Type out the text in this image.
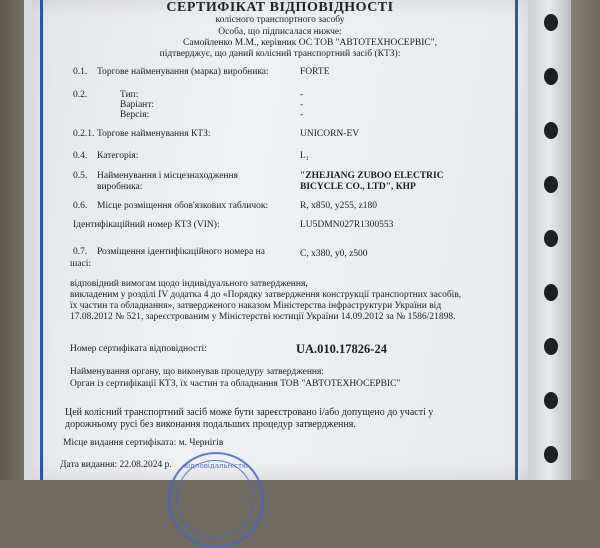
СЕРТИФІКАТ ВІДПОВІДНОСТІ
колісного транспортного засобу
Особа, що підписалася нижче:
Самойленко М.М., керівник ОС ТОВ "АВТОТЕХНОСЕРВІС",
підтверджує, що даний колісний транспортний засіб (КТЗ):
0.1. Торгове найменування (марка) виробника:	FORTE
0.2.	Тип:	-
Варіант:	-
Версія:	-
0.2.1. Торгове найменування КТЗ:	UNICORN-EV
0.4. Категорія:	L₁
0.5. Найменування і місцезнаходження	"ZHEJIANG ZUBOO ELECTRIC
виробника:	BICYCLE CO., LTD", КНР
0.6. Місце розміщення обов'язкових табличок:	R, x850, y255, z180
Ідентифікаційний номер КТЗ (VIN):	LU5DMN027R1300553
0.7. Розміщення ідентифікаційного номера на	C, x380, y0, z500
шасі:
відповідний вимогам щодо індивідуального затвердження,
викладеним у розділі IV додатка 4 до «Порядку затвердження конструкції транспортних засобів,
їх частин та обладнання», затвердженого наказом Міністерства інфраструктури України від
17.08.2012 № 521, зареєстрованим у Міністерстві юстиції України 14.09.2012 за № 1586/21898.
Номер сертифіката відповідності:	UA.010.17826-24
Найменування органу, що виконував процедуру затвердження:
Орган із сертифікації КТЗ, їх частин та обладнання ТОВ "АВТОТЕХНОСЕРВІС"
Цей колісний транспортний засіб може бути зареєстровано і/або допущено до участі у
дорожньому русі без виконання подальших процедур затвердження.
Місце видання сертифіката: м. Чернігів
Дата видання: 22.08.2024 р.	відповідальністю
